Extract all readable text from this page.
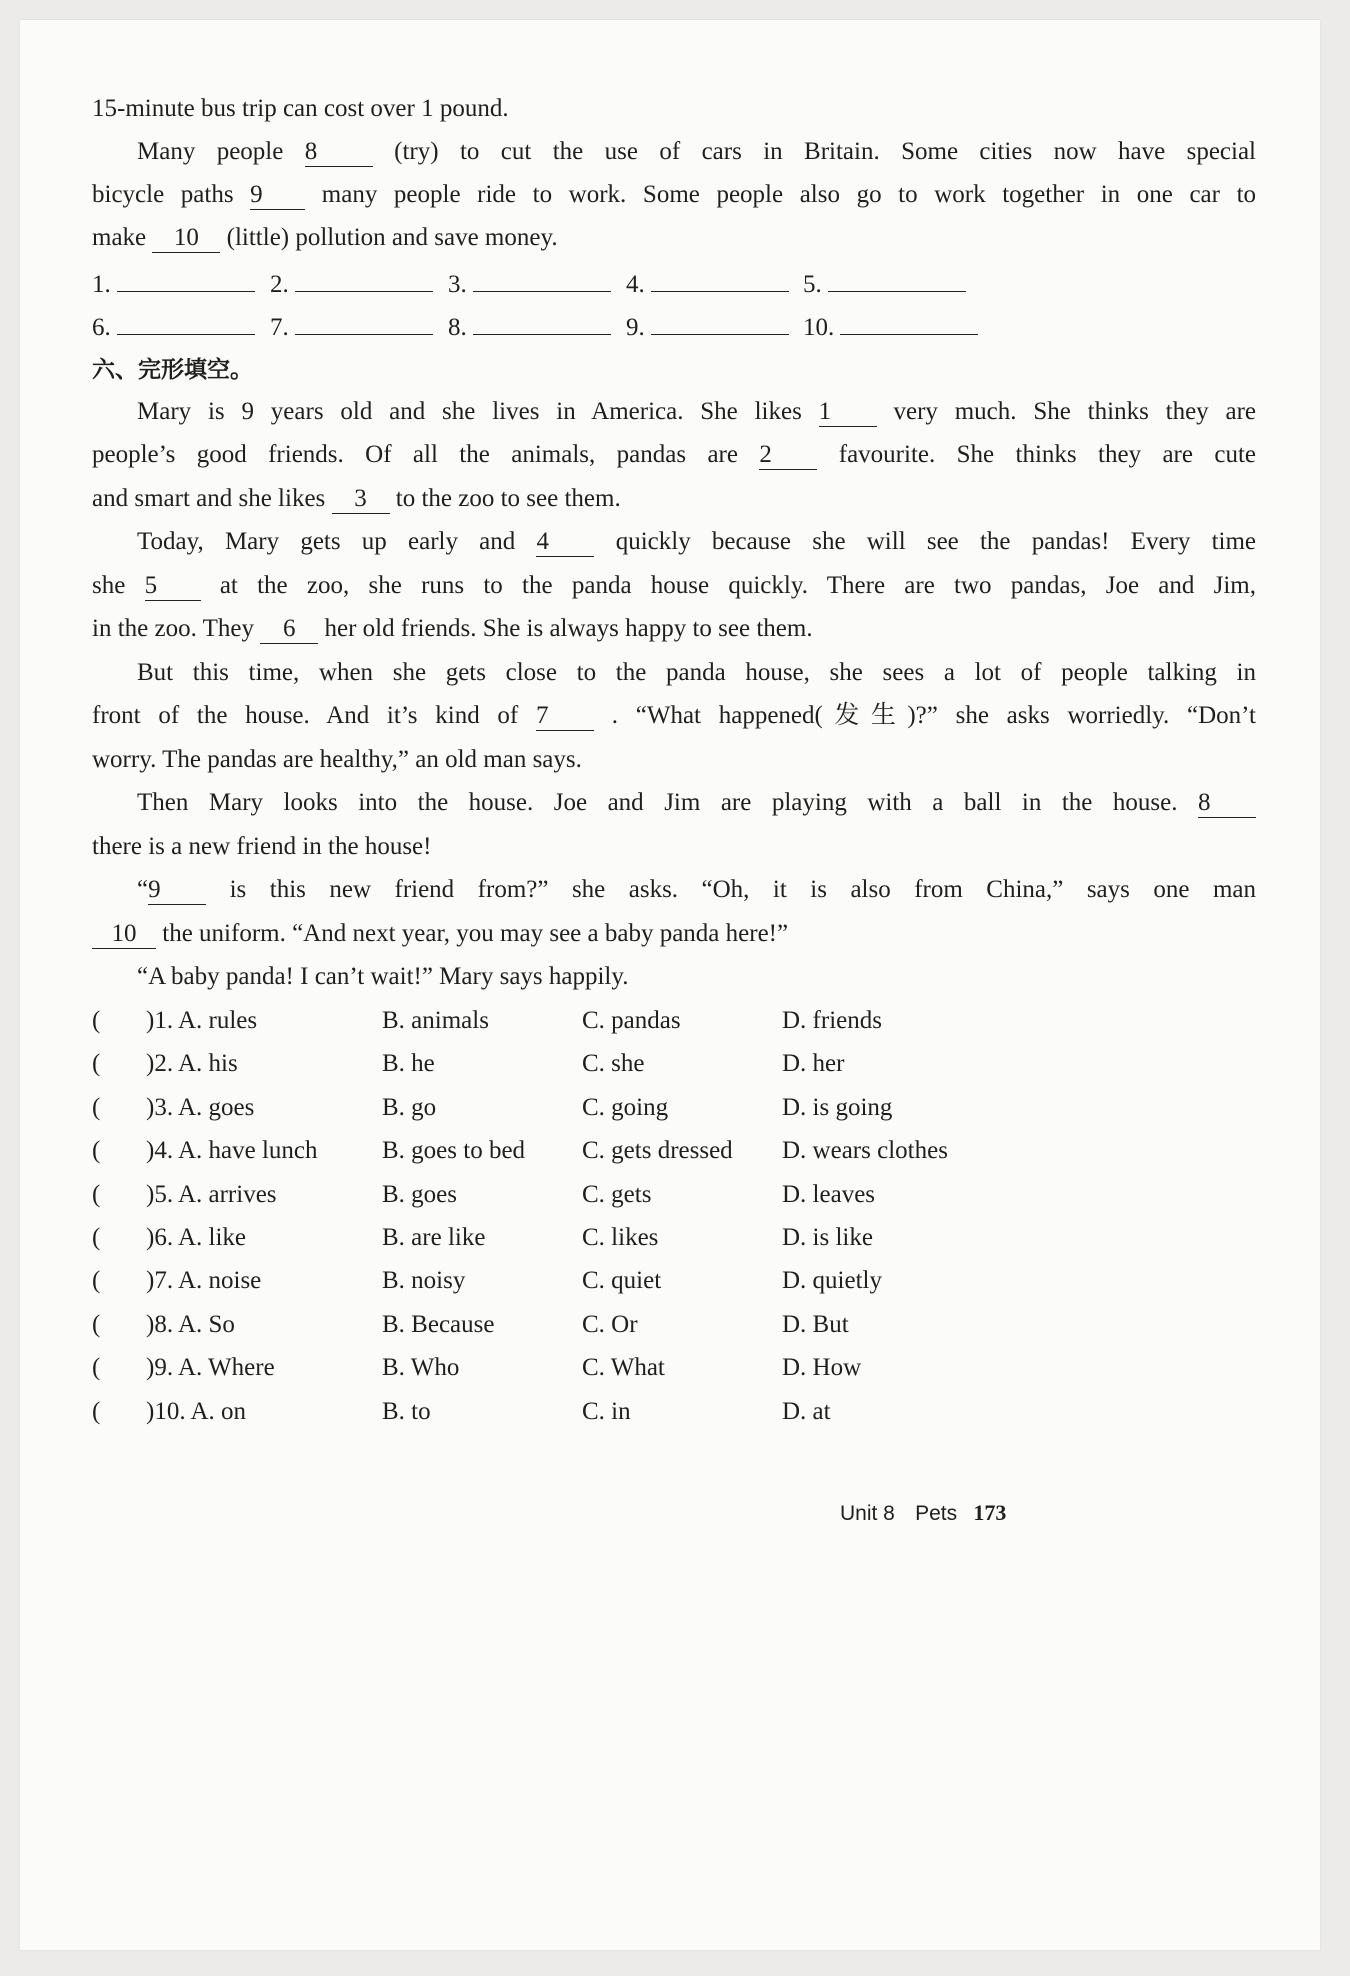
15-minute bus trip can cost over 1 pound.
Many people 8	(try) to cut the use of cars in Britain. Some cities now have special
bicycle paths 9 many people ride to work. Some people also go to work together in one car to
make 10 (little) pollution and save money.
1.	2.	3.	4.	5.
6.	7.	8.	9.	10.
六、完形填空。
Mary is 9 years old and she lives in America. She likes 1 very much. She thinks they are
people’s good friends. Of all the animals, pandas are 2	favourite. She thinks they are cute
and smart and she likes 3 to the zoo to see them.
Today, Mary gets up early and 4	quickly because she will see the pandas! Every time
she 5	at the zoo, she runs to the panda house quickly. There are two pandas, Joe and Jim,
in the zoo. They 6 her old friends. She is always happy to see them.
But this time, when she gets close to the panda house, she sees a lot of people talking in
front of the house. And it’s kind of 7	. “What happened(发生)?” she asks worriedly. “Don’t
worry. The pandas are healthy,” an old man says.
Then Mary looks into the house. Joe and Jim are playing with a ball in the house. 8
there is a new friend in the house!
“9	is this new friend from?” she asks. “Oh, it is also from China,” says one man
10 the uniform. “And next year, you may see a baby panda here!”
“A baby panda! I can’t wait!” Mary says happily.
( )1. A. rules	B. animals	C. pandas	D. friends
( )2. A. his	B. he	C. she	D. her
( )3. A. goes	B. go	C. going	D. is going
( )4. A. have lunch	B. goes to bed C. gets dressed D. wears clothes
( )5. A. arrives	B. goes	C. gets	D. leaves
( )6. A. like	B. are like	C. likes	D. is like
( )7. A. noise	B. noisy	C. quiet	D. quietly
( )8. A. So	B. Because	C. Or	D. But
( )9. A. Where	B. Who	C. What	D. How
( )10. A. on	B. to	C. in	D. at
Unit 8 Pets 173
